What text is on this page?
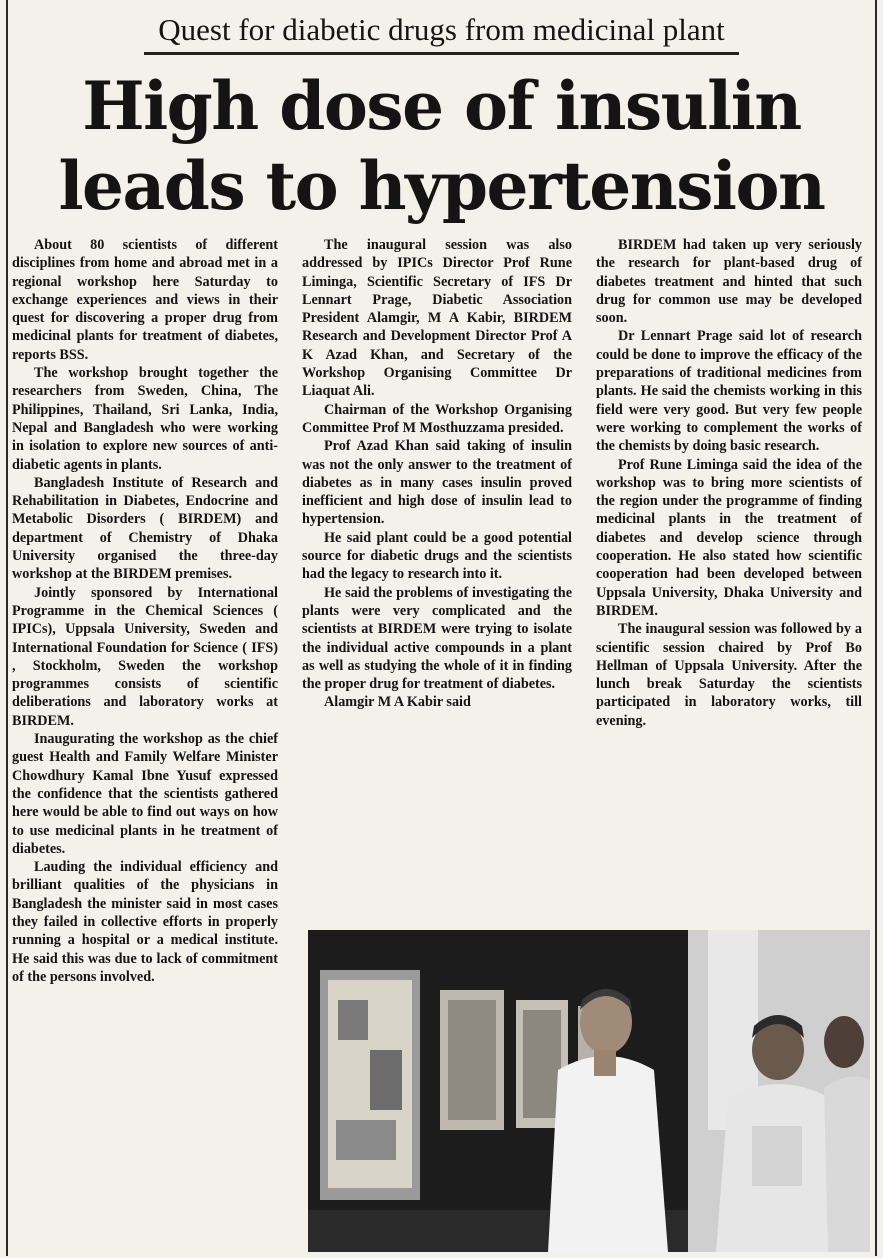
Quest for diabetic drugs from medicinal plant
High dose of insulin leads to hypertension

About 80 scientists of different disciplines from home and abroad met in a regional workshop here Saturday to exchange experiences and views in their quest for discovering a proper drug from medicinal plants for treatment of diabetes, reports BSS.

The workshop brought together the researchers from Sweden, China, The Philippines, Thailand, Sri Lanka, India, Nepal and Bangladesh who were working in isolation to explore new sources of anti-diabetic agents in plants.

Bangladesh Institute of Research and Rehabilitation in Diabetes, Endocrine and Metabolic Disorders ( BIRDEM) and department of Chemistry of Dhaka University organised the three-day workshop at the BIRDEM premises.

Jointly sponsored by International Programme in the Chemical Sciences ( IPICs), Uppsala University, Sweden and International Foundation for Science ( IFS) , Stockholm, Sweden the workshop programmes consists of scientific deliberations and laboratory works at BIRDEM.

Inaugurating the workshop as the chief guest Health and Family Welfare Minister Chowdhury Kamal Ibne Yusuf expressed the confidence that the scientists gathered here would be able to find out ways on how to use medicinal plants in he treatment of diabetes.

Lauding the individual efficiency and brilliant qualities of the physicians in Bangladesh the minister said in most cases they failed in collective efforts in properly running a hospital or a medical institute. He said this was due to lack of commitment of the persons involved.

The inaugural session was also addressed by IPICs Director Prof Rune Liminga, Scientific Secretary of IFS Dr Lennart Prage, Diabetic Association President Alamgir, M A Kabir, BIRDEM Research and Development Director Prof A K Azad Khan, and Secretary of the Workshop Organising Committee Dr Liaquat Ali.

Chairman of the Workshop Organising Committee Prof M Mosthuzzama presided.

Prof Azad Khan said taking of insulin was not the only answer to the treatment of diabetes as in many cases insulin proved inefficient and high dose of insulin lead to hypertension.

He said plant could be a good potential source for diabetic drugs and the scientists had the legacy to research into it.

He said the problems of investigating the plants were very complicated and the scientists at BIRDEM were trying to isolate the individual active compounds in a plant as well as studying the whole of it in finding the proper drug for treatment of diabetes.

Alamgir M A Kabir said

BIRDEM had taken up very seriously the research for plant-based drug of diabetes treatment and hinted that such drug for common use may be developed soon.

Dr Lennart Prage said lot of research could be done to improve the efficacy of the preparations of traditional medicines from plants. He said the chemists working in this field were very good. But very few people were working to complement the works of the chemists by doing basic research.

Prof Rune Liminga said the idea of the workshop was to bring more scientists of the region under the programme of finding medicinal plants in the treatment of diabetes and develop science through cooperation. He also stated how scientific cooperation had been developed between Uppsala University, Dhaka University and BIRDEM.

The inaugural session was followed by a scientific session chaired by Prof Bo Hellman of Uppsala University. After the lunch break Saturday the scientists participated in laboratory works, till evening.
